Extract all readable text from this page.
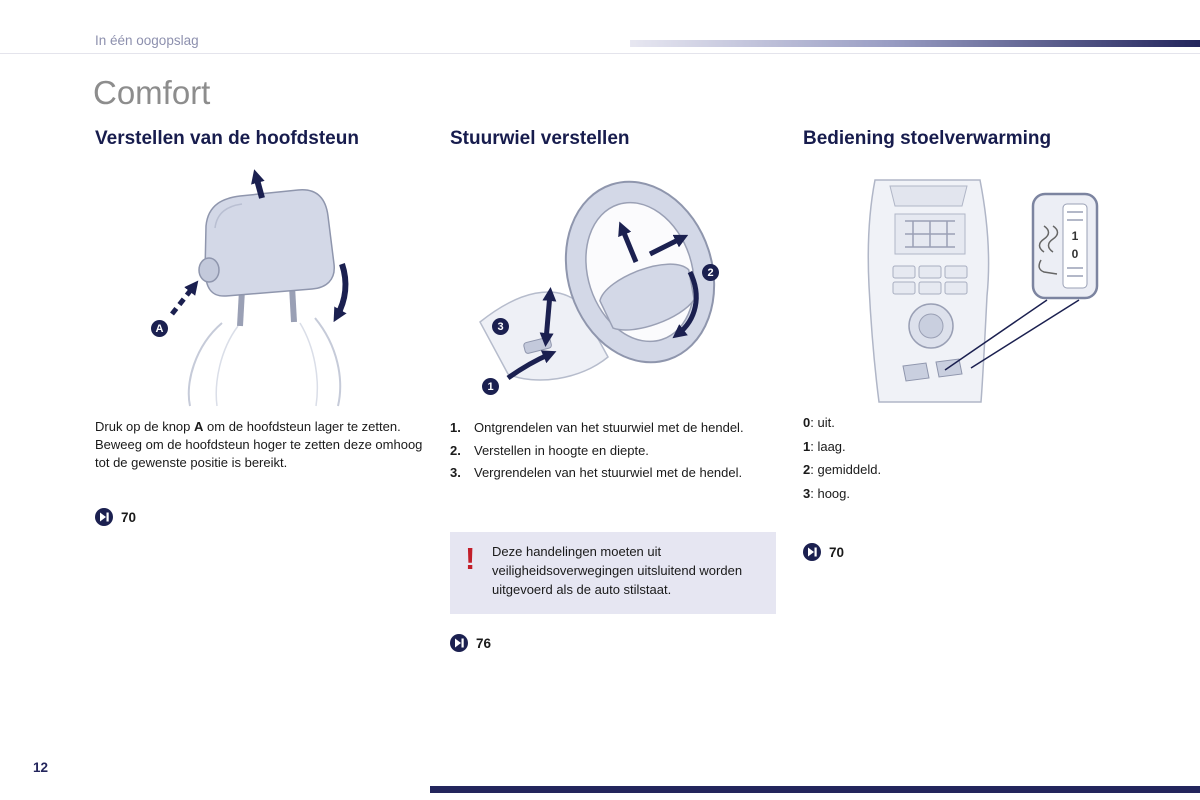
In één oogopslag
Comfort
Verstellen van de hoofdsteun	Stuurwiel verstellen	Bediening stoelverwarming
A
2
3
1
1
0

Druk op de knop A om de hoofdsteun lager te zetten. Beweeg om de hoofdsteun hoger te zetten deze omhoog tot de gewenste positie is bereikt.

1.	Ontgrendelen van het stuurwiel met de hendel.
2.	Verstellen in hoogte en diepte.
3.	Vergrendelen van het stuurwiel met de hendel.
! Deze handelingen moeten uit veiligheidsoverwegingen uitsluitend worden uitgevoerd als de auto stilstaat.
0: uit.
1: laag.
2: gemiddeld.
3: hoog.
70
76
70
12
